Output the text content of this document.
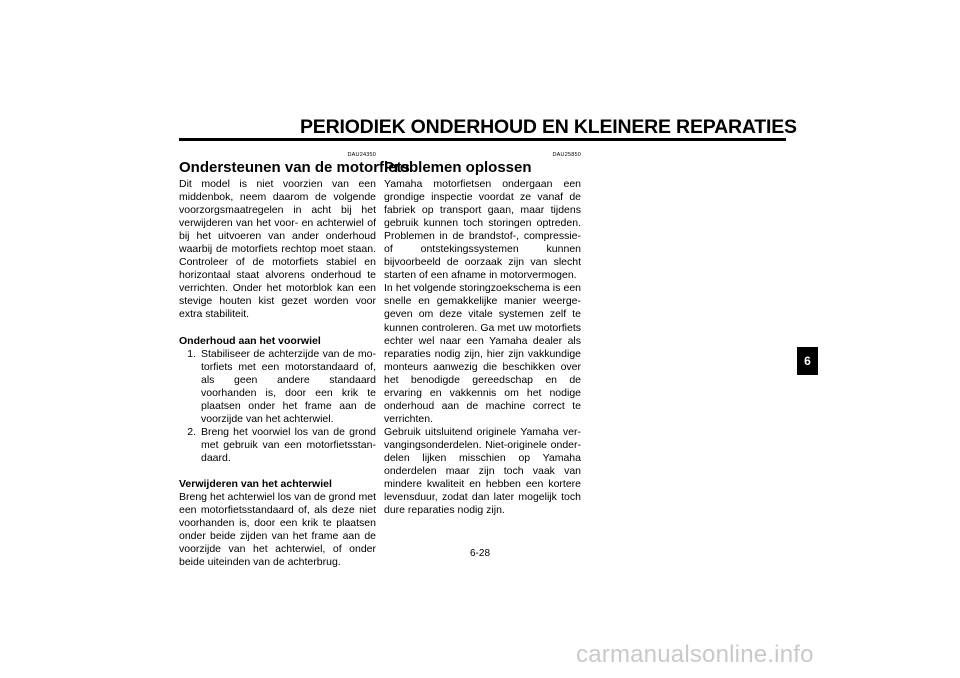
PERIODIEK ONDERHOUD EN KLEINERE REPARATIES
DAU24350
Ondersteunen van de motorfiets
Dit model is niet voorzien van een middenbok, neem daarom de volgende voorzorgsmaatregelen in acht bij het verwijderen van het voor- en achterwiel of bij het uitvoeren van ander onderhoud waarbij de motorfiets rechtop moet staan. Controleer of de motorfiets stabiel en horizontaal staat alvorens onderhoud te verrichten. Onder het motorblok kan een stevige houten kist gezet worden voor extra stabiliteit.
Onderhoud aan het voorwiel
1. Stabiliseer de achterzijde van de motorfiets met een motorstandaard of, als geen andere standaard voorhanden is, door een krik te plaatsen onder het frame aan de voorzijde van het achterwiel.
2. Breng het voorwiel los van de grond met gebruik van een motorfietsstandaard.
Verwijderen van het achterwiel
Breng het achterwiel los van de grond met een motorfietsstandaard of, als deze niet voorhanden is, door een krik te plaatsen onder beide zijden van het frame aan de voorzijde van het achterwiel, of onder beide uiteinden van de achterbrug.
DAU25850
Problemen oplossen
Yamaha motorfietsen ondergaan een grondige inspectie voordat ze vanaf de fabriek op transport gaan, maar tijdens gebruik kunnen toch storingen optreden. Problemen in de brandstof-, compressie- of ontstekingssystemen kunnen bijvoorbeeld de oorzaak zijn van slecht starten of een afname in motorvermogen.
In het volgende storingzoekschema is een snelle en gemakkelijke manier weergegeven om deze vitale systemen zelf te kunnen controleren. Ga met uw motorfiets echter wel naar een Yamaha dealer als reparaties nodig zijn, hier zijn vakkundige monteurs aanwezig die beschikken over het benodigde gereedschap en de ervaring en vakkennis om het nodige onderhoud aan de machine correct te verrichten.
Gebruik uitsluitend originele Yamaha vervangingsonderdelen. Niet-originele onderdelen lijken misschien op Yamaha onderdelen maar zijn toch vaak van mindere kwaliteit en hebben een kortere levensduur, zodat dan later mogelijk toch dure reparaties nodig zijn.
6-28
6
carmanualsonline.info
